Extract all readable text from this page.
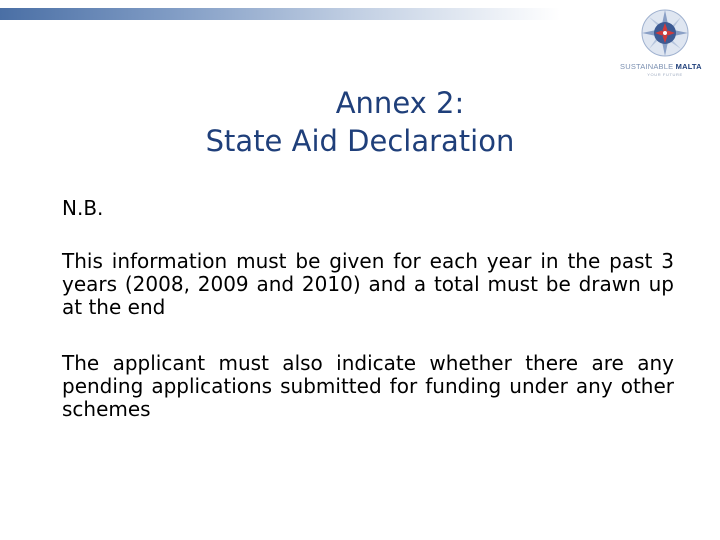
SUSTAINABLE MALTA
YOUR FUTURE
Annex 2:
State Aid Declaration
N.B.
This information must be given for each year in the past 3 years (2008, 2009 and 2010) and a total must be drawn up at the end
The applicant must also indicate whether there are any pending applications submitted for funding under any other schemes
